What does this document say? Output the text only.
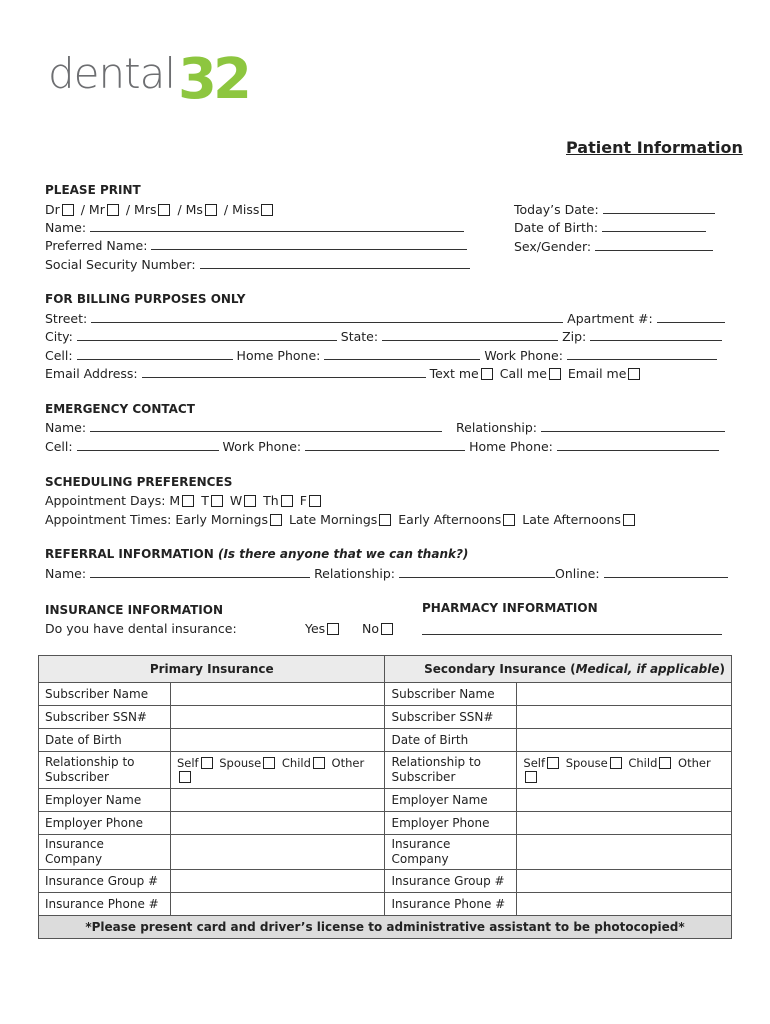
dental 32
Patient Information
PLEASE PRINT
Dr / Mr / Mrs / Ms / Miss
Name:
Preferred Name:
Social Security Number:
Today’s Date:
Date of Birth:
Sex/Gender:
FOR BILLING PURPOSES ONLY
Street:	Apartment #:
City:	State:	Zip:
Cell:	Home Phone:	Work Phone:
Email Address:	Text me Call me Email me
EMERGENCY CONTACT
Name:	Relationship:
Cell:	Work Phone:	Home Phone:
SCHEDULING PREFERENCES
Appointment Days: M T W Th F
Appointment Times: Early Mornings Late Mornings Early Afternoons Late Afternoons
REFERRAL INFORMATION (Is there anyone that we can thank?)
Name:	Relationship:	Online:
INSURANCE INFORMATION
Do you have dental insurance:	Yes	No
PHARMACY INFORMATION
Primary Insurance		Secondary Insurance (Medical, if applicable)	
Subscriber Name		Subscriber Name	
Subscriber SSN#		Subscriber SSN#	
Date of Birth		Date of Birth	
Relationship to Subscriber	Self Spouse Child Other	Relationship to Subscriber	Self Spouse Child Other
Employer Name		Employer Name	
Employer Phone		Employer Phone	
Insurance Company		Insurance Company	
Insurance Group #		Insurance Group #	
Insurance Phone #		Insurance Phone #	
*Please present card and driver’s license to administrative assistant to be photocopied*			
